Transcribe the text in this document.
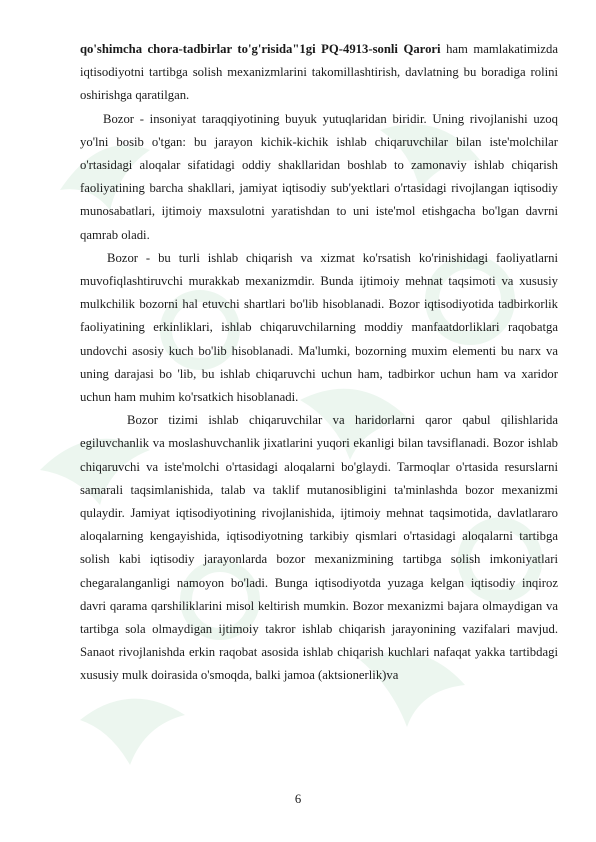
qo'shimcha chora-tadbirlar to'g'risida"1gi PQ-4913-sonli Qarori ham mamlakatimizda iqtisodiyotni tartibga solish mexanizmlarini takomillashtirish, davlatning bu boradiga rolini oshirishga qaratilgan.

Bozor - insoniyat taraqqiyotining buyuk yutuqlaridan biridir. Uning rivojlanishi uzoq yo'lni bosib o'tgan: bu jarayon kichik-kichik ishlab chiqaruvchilar bilan iste'molchilar o'rtasidagi aloqalar sifatidagi oddiy shakllaridan boshlab to zamonaviy ishlab chiqarish faoliyatining barcha shakllari, jamiyat iqtisodiy sub'yektlari o'rtasidagi rivojlangan iqtisodiy munosabatlari, ijtimoiy maxsulotni yaratishdan to uni iste'mol etishgacha bo'lgan davrni qamrab oladi.

Bozor - bu turli ishlab chiqarish va xizmat ko'rsatish ko'rinishidagi faoliyatlarni muvofiqlashtiruvchi murakkab mexanizmdir. Bunda ijtimoiy mehnat taqsimoti va xususiy mulkchilik bozorni hal etuvchi shartlari bo'lib hisoblanadi. Bozor iqtisodiyotida tadbirkorlik faoliyatining erkinliklari, ishlab chiqaruvchilarning moddiy manfaatdorliklari raqobatga undovchi asosiy kuch bo'lib hisoblanadi. Ma'lumki, bozorning muxim elementi bu narx va uning darajasi bo 'lib, bu ishlab chiqaruvchi uchun ham, tadbirkor uchun ham va xaridor uchun ham muhim ko'rsatkich hisoblanadi.

Bozor tizimi ishlab chiqaruvchilar va haridorlarni qaror qabul qilishlarida egiluvchanlik va moslashuvchanlik jixatlarini yuqori ekanligi bilan tavsiflanadi. Bozor ishlab chiqaruvchi va iste'molchi o'rtasidagi aloqalarni bo'glaydi. Tarmoqlar o'rtasida resurslarni samarali taqsimlanishida, talab va taklif mutanosibligini ta'minlashda bozor mexanizmi qulaydir. Jamiyat iqtisodiyotining rivojlanishida, ijtimoiy mehnat taqsimotida, davlatlararo aloqalarning kengayishida, iqtisodiyotning tarkibiy qismlari o'rtasidagi aloqalarni tartibga solish kabi iqtisodiy jarayonlarda bozor mexanizmining tartibga solish imkoniyatlari chegaralanganligi namoyon bo'ladi. Bunga iqtisodiyotda yuzaga kelgan iqtisodiy inqiroz davri qarama qarshiliklarini misol keltirish mumkin. Bozor mexanizmi bajara olmaydigan va tartibga sola olmaydigan ijtimoiy takror ishlab chiqarish jarayonining vazifalari mavjud. Sanaot rivojlanishda erkin raqobat asosida ishlab chiqarish kuchlari nafaqat yakka tartibdagi xususiy mulk doirasida o'smoqda, balki jamoa (aktsionerlik)va

6
